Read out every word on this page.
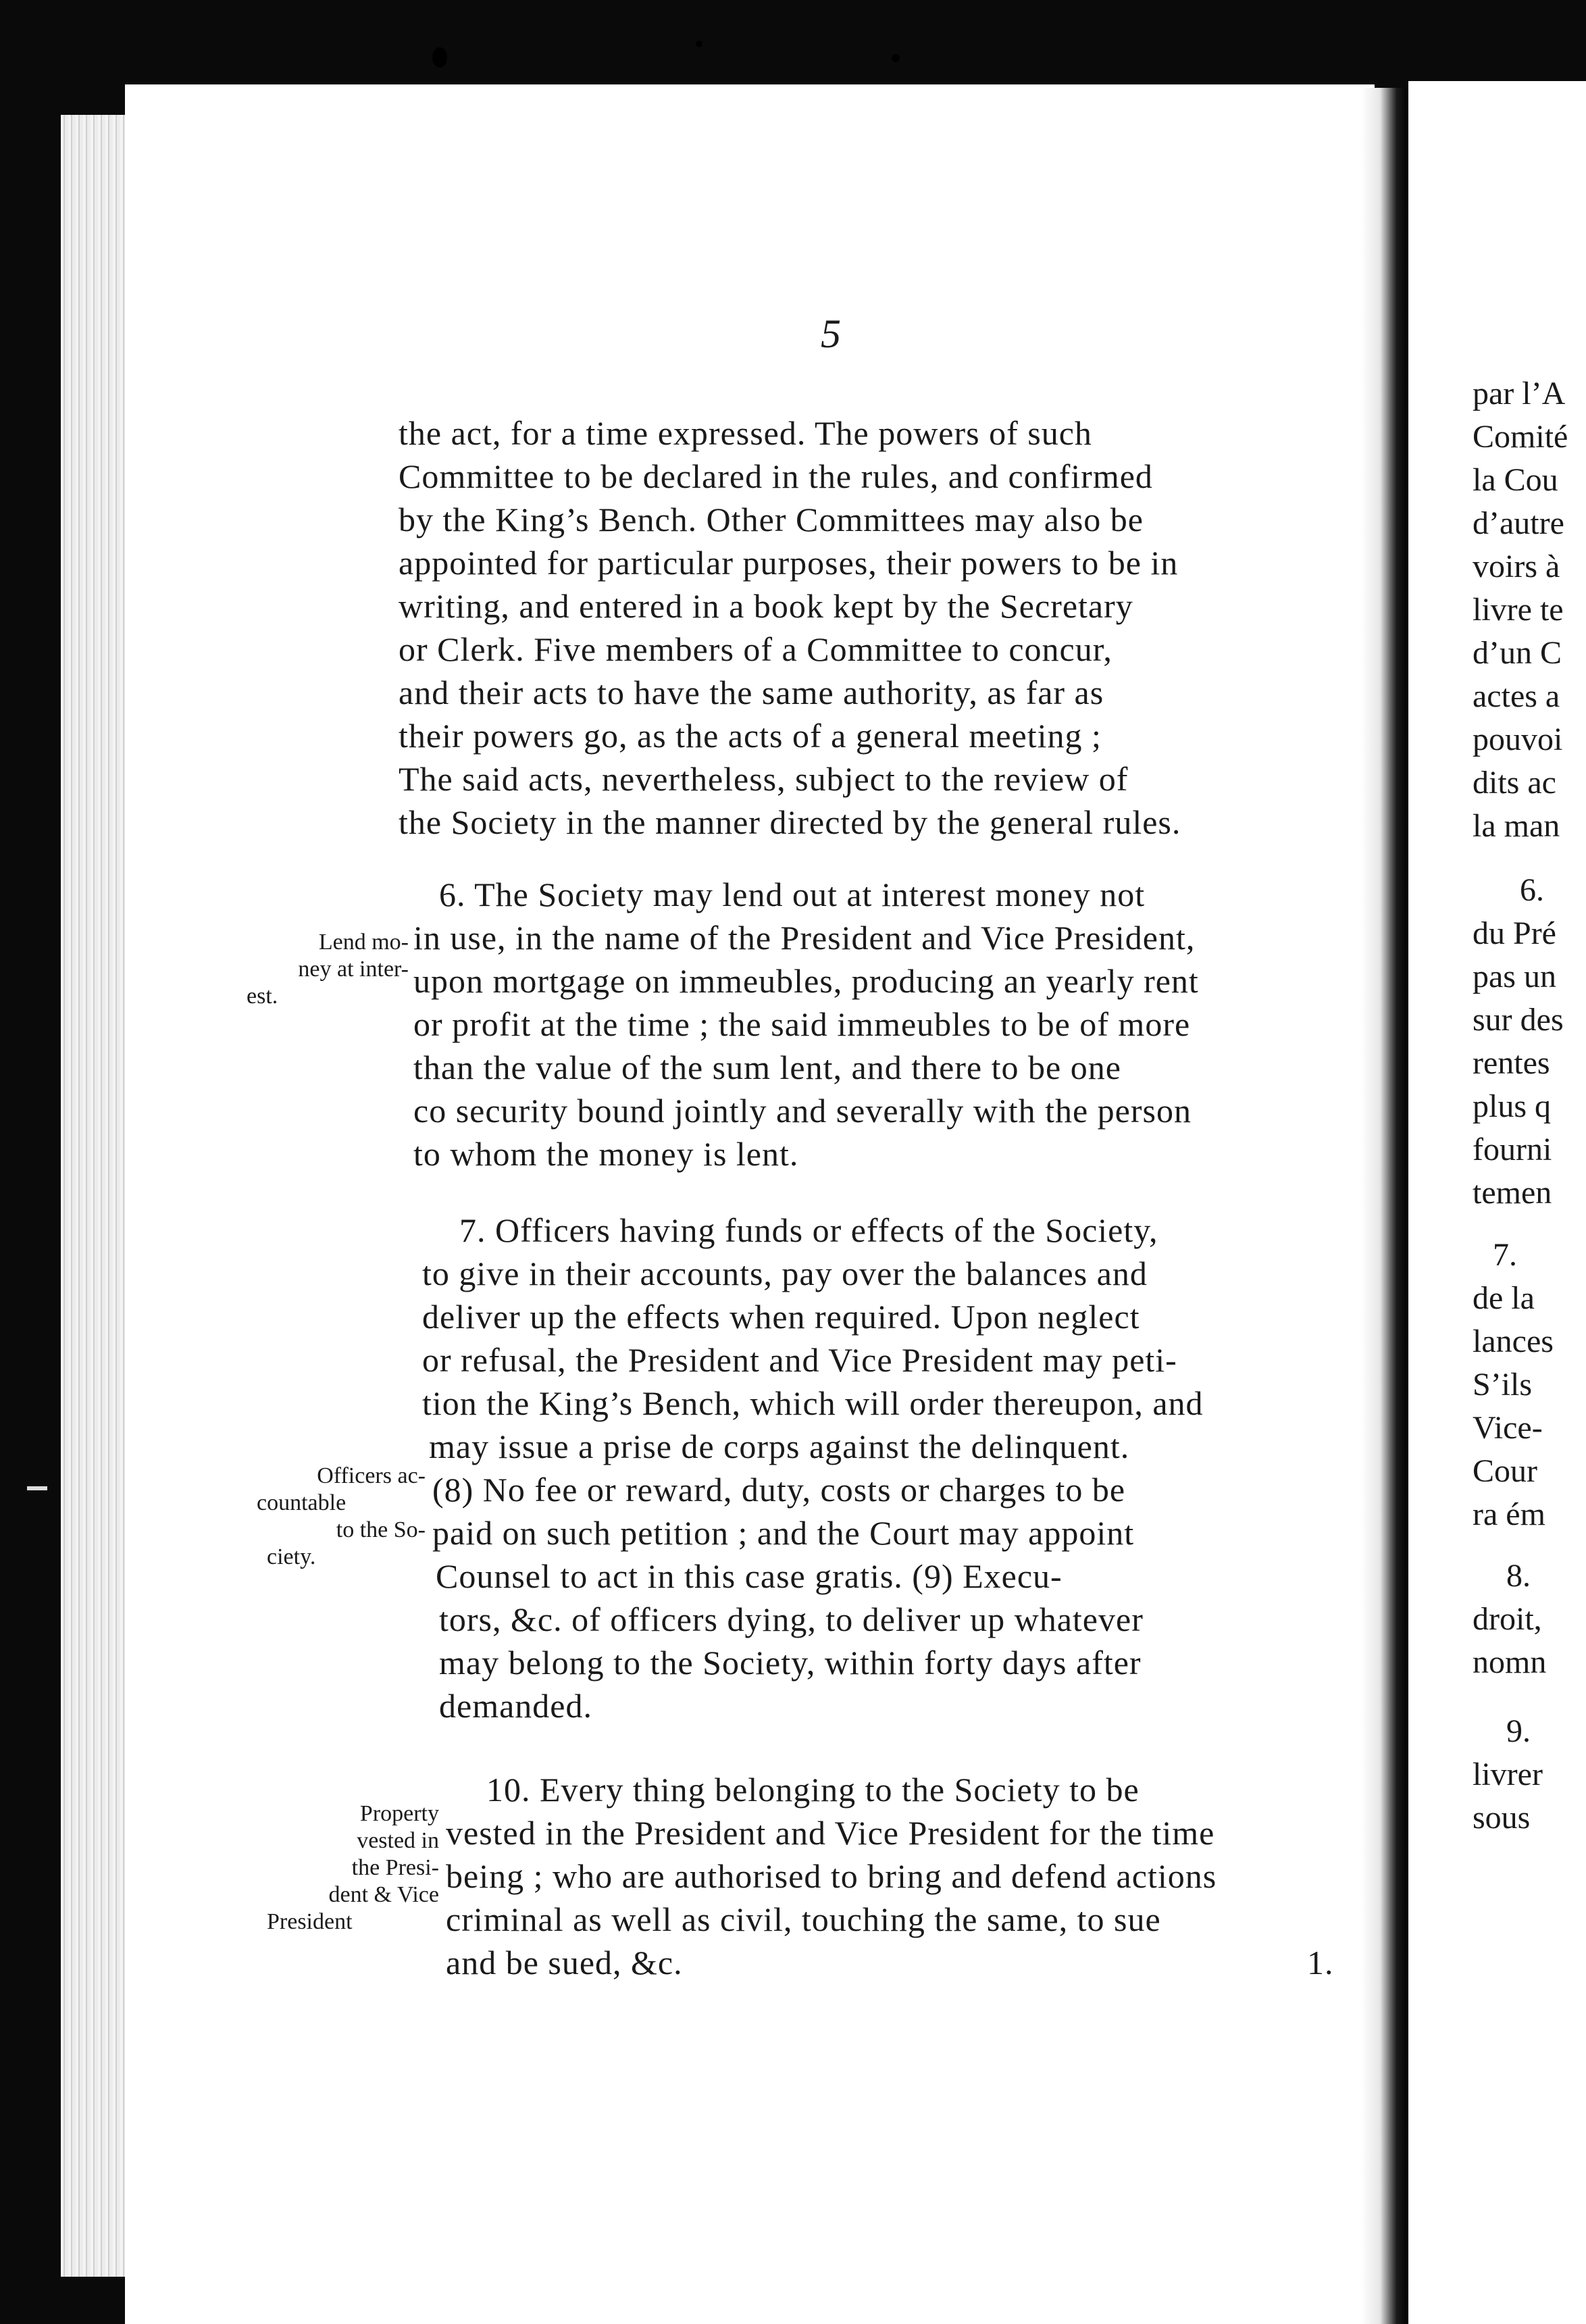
5
the act, for a time expressed. The powers of such
Committee to be declared in the rules, and confirmed
by the King’s Bench. Other Committees may also be
appointed for particular purposes, their powers to be in
writing, and entered in a book kept by the Secretary
or Clerk. Five members of a Committee to concur,
and their acts to have the same authority, as far as
their powers go, as the acts of a general meeting ;
The said acts, nevertheless, subject to the review of
the Society in the manner directed by the general rules.
6. The Society may lend out at interest money not
in use, in the name of the President and Vice President,
upon mortgage on immeubles, producing an yearly rent
or profit at the time ; the said immeubles to be of more
than the value of the sum lent, and there to be one
co security bound jointly and severally with the person
to whom the money is lent.
7. Officers having funds or effects of the Society,
to give in their accounts, pay over the balances and
deliver up the effects when required. Upon neglect
or refusal, the President and Vice President may peti-
tion the King’s Bench, which will order thereupon, and
may issue a prise de corps against the delinquent.
(8) No fee or reward, duty, costs or charges to be
paid on such petition ; and the Court may appoint
Counsel to act in this case gratis. (9) Execu-
tors, &c. of officers dying, to deliver up whatever
may belong to the Society, within forty days after
demanded.
10. Every thing belonging to the Society to be
vested in the President and Vice President for the time
being ; who are authorised to bring and defend actions
criminal as well as civil, touching the same, to sue
and be sued, &c.	1.
Lend mo-
ney at inter-
est.
Officers ac-
countable
to the So-
ciety.
Property
vested in
the Presi-
dent & Vice
President
par l’A
Comité
la Cou
d’autre
voirs à
livre te
d’un C
actes a
pouvoi
dits ac
la man
6.
du Pré
pas un
sur des
rentes
plus q
fourni
temen
7.
de la
lances
S’ils
Vice-
Cour
ra ém
8.
droit,
nomn
9.
livrer
sous
